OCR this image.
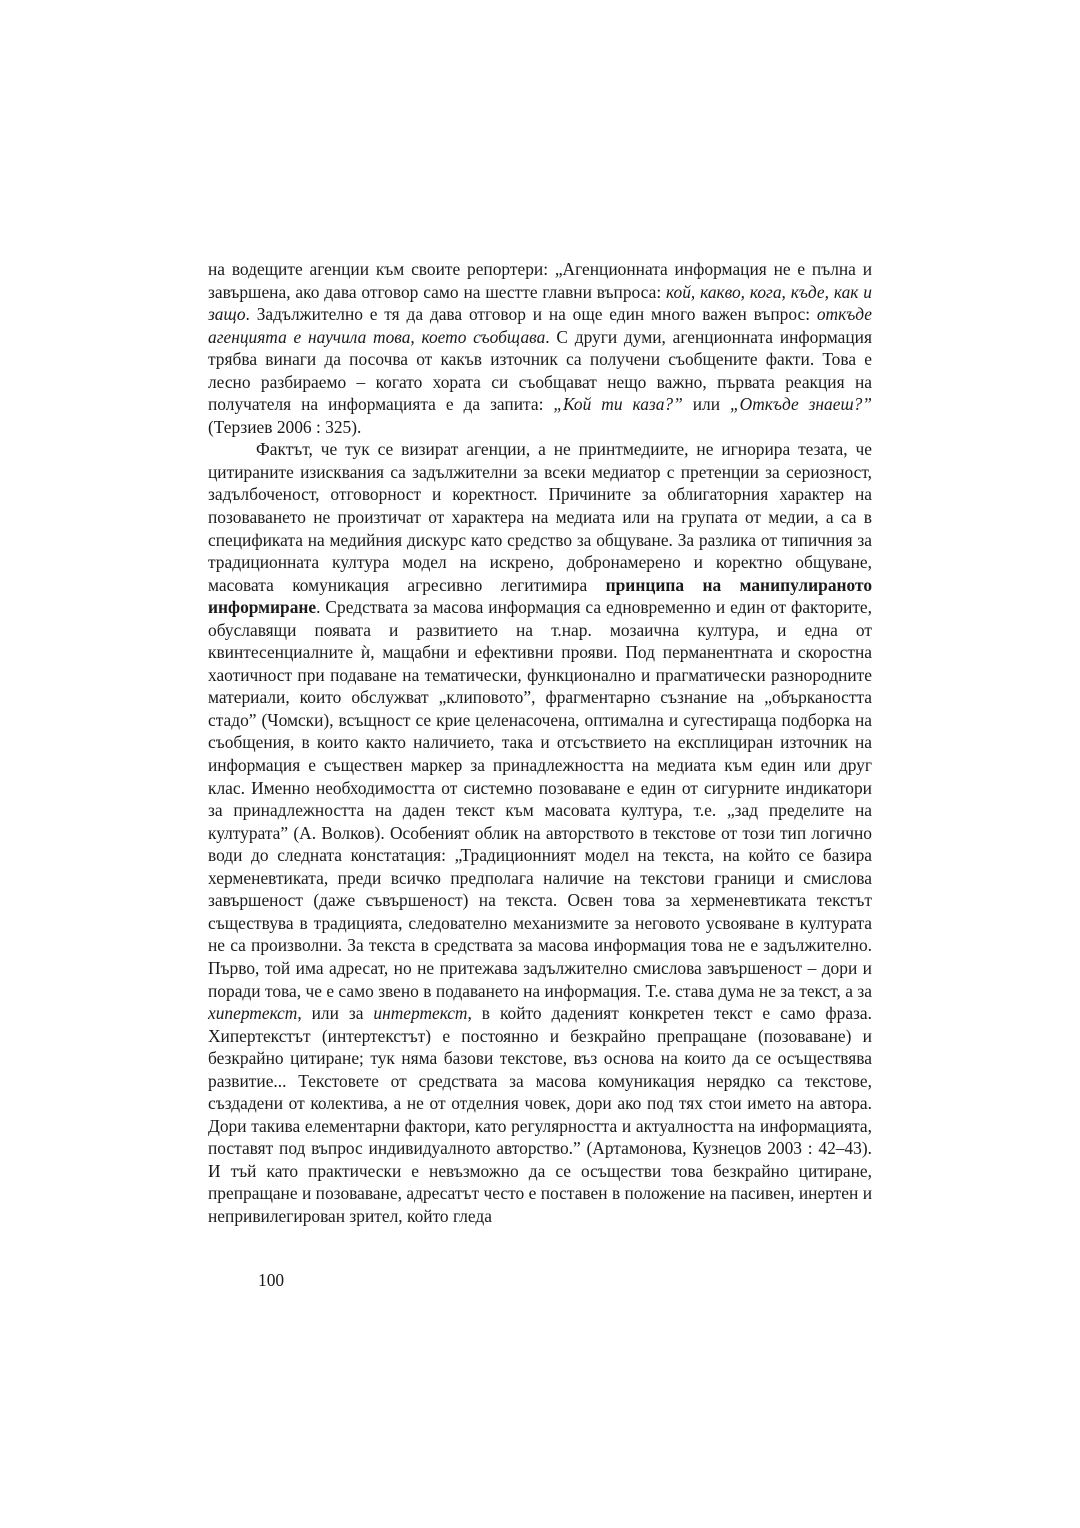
на водещите агенции към своите репортери: „Агенционната информация не е пълна и завършена, ако дава отговор само на шестте главни въпроса: кой, какво, кога, къде, как и защо. Задължително е тя да дава отговор и на още един много важен въпрос: откъде агенцията е научила това, което съобщава. С други думи, агенционната информация трябва винаги да посочва от какъв източник са получени съобщените факти. Това е лесно разбираемо – когато хората си съобщават нещо важно, първата реакция на получателя на информацията е да запита: „Кой ти каза?” или „Откъде знаеш?” (Терзиев 2006 : 325).

Фактът, че тук се визират агенции, а не принтмедиите, не игнорира тезата, че цитираните изисквания са задължителни за всеки медиатор с претенции за сериозност, задълбоченост, отговорност и коректност. Причините за облигаторния характер на позоваването не произтичат от характера на медиата или на групата от медии, а са в спецификата на медийния дискурс като средство за общуване. За разлика от типичния за традиционната култура модел на искрено, добронамерено и коректно общуване, масовата комуникация агресивно легитимира принципа на манипулираното информиране. Средствата за масова информация са едновременно и един от факторите, обуславящи появата и развитието на т.нар. мозаична култура, и една от квинтесенциалните ѝ, мащабни и ефективни прояви. Под перманентната и скоростна хаотичност при подаване на тематически, функционално и прагматически разнородните материали, които обслужват „клиповото”, фрагментарно съзнание на „объркаността стадо” (Чомски), всъщност се крие целенасочена, оптимална и сугестираща подборка на съобщения, в които както наличието, така и отсъствието на експлициран източник на информация е съществен маркер за принадлежността на медиата към един или друг клас. Именно необходимостта от системно позоваване е един от сигурните индикатори за принадлежността на даден текст към масовата култура, т.е. „зад пределите на културата” (А. Волков). Особеният облик на авторството в текстове от този тип логично води до следната констатация: „Традиционният модел на текста, на който се базира херменевтиката, преди всичко предполага наличие на текстови граници и смислова завършеност (даже съвършеност) на текста. Освен това за херменевтиката текстът съществува в традицията, следователно механизмите за неговото усвояване в културата не са произволни. За текста в средствата за масова информация това не е задължително. Първо, той има адресат, но не притежава задължително смислова завършеност – дори и поради това, че е само звено в подаването на информация. Т.е. става дума не за текст, а за хипертекст, или за интертекст, в който даденият конкретен текст е само фраза. Хипертекстът (интертекстът) е постоянно и безкрайно препращане (позоваване) и безкрайно цитиране; тук няма базови текстове, въз основа на които да се осъществява развитие... Текстовете от средствата за масова комуникация нерядко са текстове, създадени от колектива, а не от отделния човек, дори ако под тях стои името на автора. Дори такива елементарни фактори, като регулярността и актуалността на информацията, поставят под въпрос индивидуалното авторство.” (Артамонова, Кузнецов 2003 : 42–43). И тъй като практически е невъзможно да се осъществи това безкрайно цитиране, препращане и позоваване, адресатът често е поставен в положение на пасивен, инертен и непривилегирован зрител, който гледа

100
